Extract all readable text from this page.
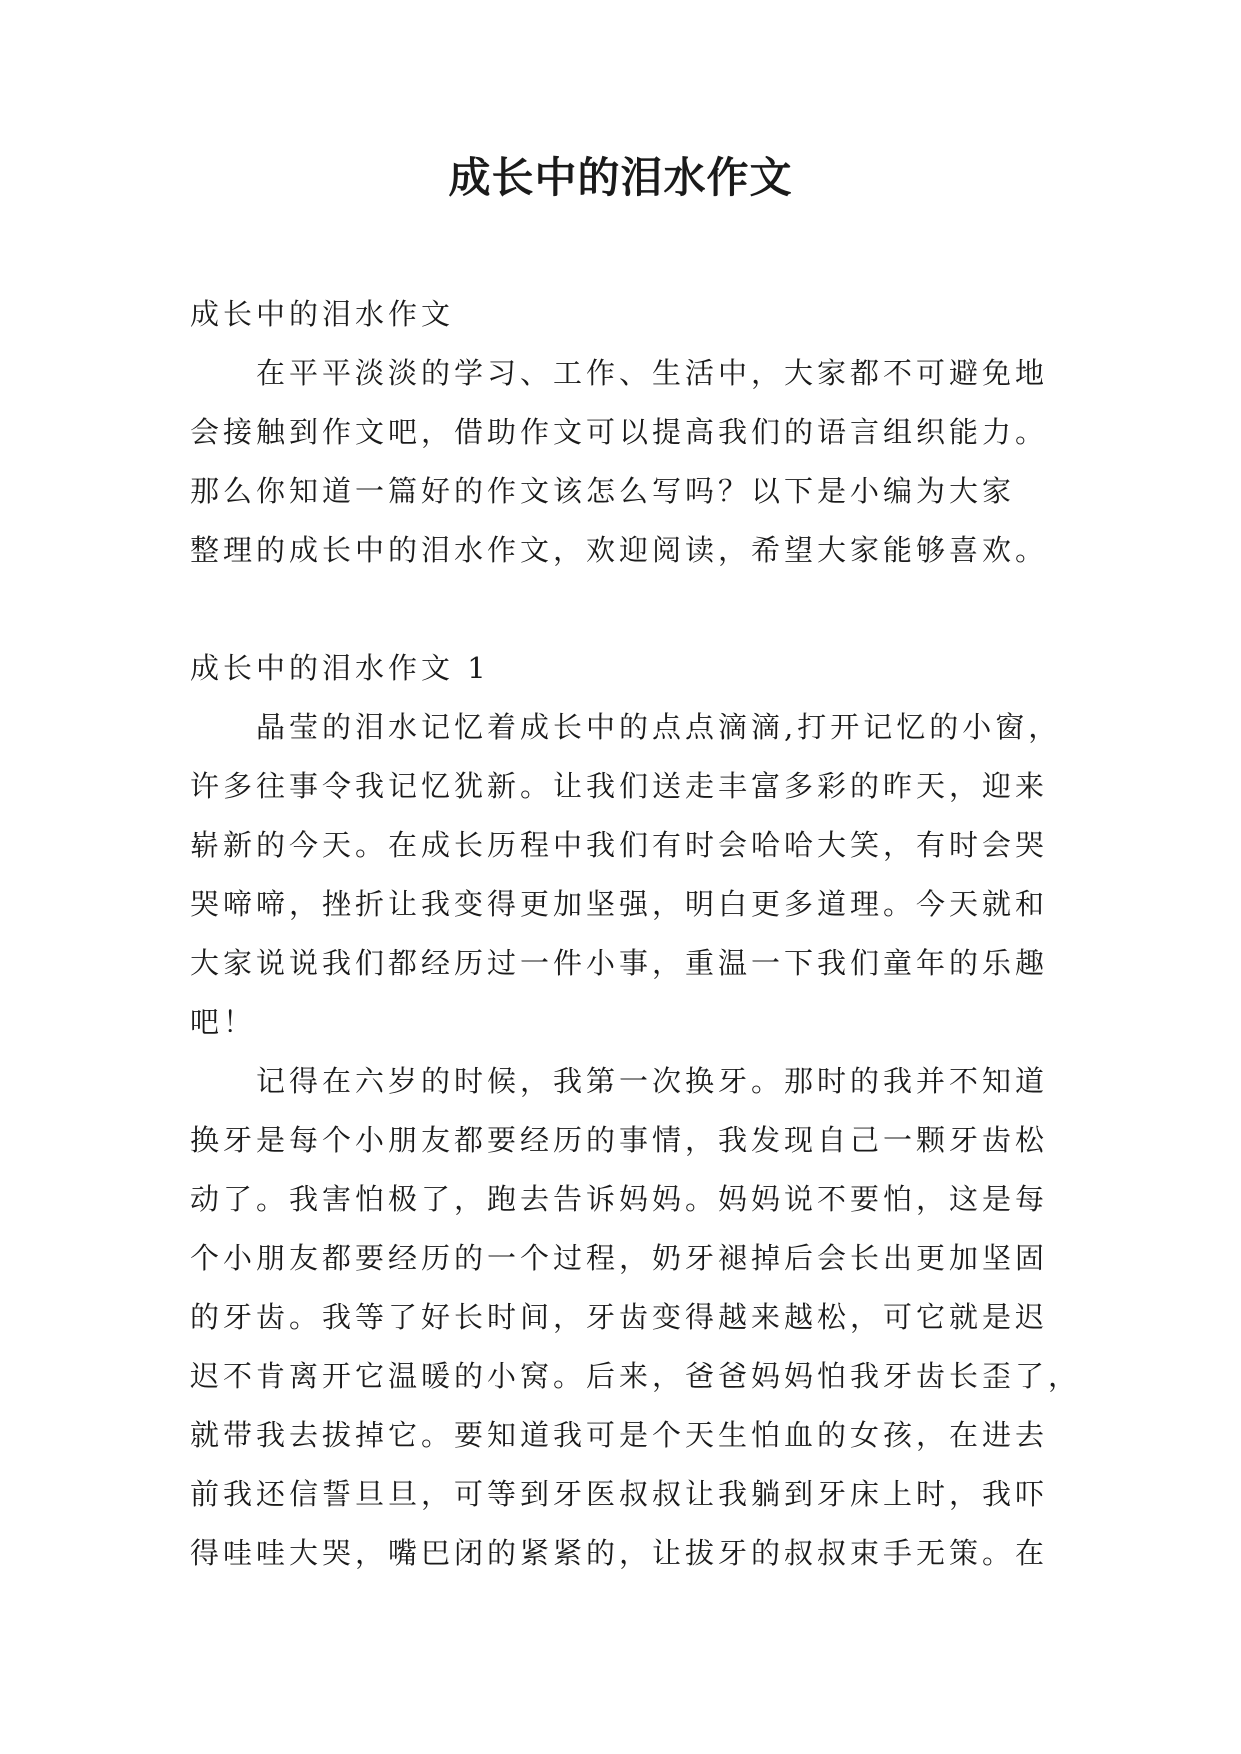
成长中的泪水作文
成长中的泪水作文

在平平淡淡的学习、工作、生活中，大家都不可避免地
会接触到作文吧，借助作文可以提高我们的语言组织能力。
那么你知道一篇好的作文该怎么写吗？以下是小编为大家
整理的成长中的泪水作文，欢迎阅读，希望大家能够喜欢。

成长中的泪水作文 1

晶莹的泪水记忆着成长中的点点滴滴,打开记忆的小窗，
许多往事令我记忆犹新。让我们送走丰富多彩的昨天，迎来
崭新的今天。在成长历程中我们有时会哈哈大笑，有时会哭
哭啼啼，挫折让我变得更加坚强，明白更多道理。今天就和
大家说说我们都经历过一件小事，重温一下我们童年的乐趣
吧！

记得在六岁的时候，我第一次换牙。那时的我并不知道
换牙是每个小朋友都要经历的事情，我发现自己一颗牙齿松
动了。我害怕极了，跑去告诉妈妈。妈妈说不要怕，这是每
个小朋友都要经历的一个过程，奶牙褪掉后会长出更加坚固
的牙齿。我等了好长时间，牙齿变得越来越松，可它就是迟
迟不肯离开它温暖的小窝。后来，爸爸妈妈怕我牙齿长歪了，
就带我去拔掉它。要知道我可是个天生怕血的女孩，在进去
前我还信誓旦旦，可等到牙医叔叔让我躺到牙床上时，我吓
得哇哇大哭，嘴巴闭的紧紧的，让拔牙的叔叔束手无策。在
